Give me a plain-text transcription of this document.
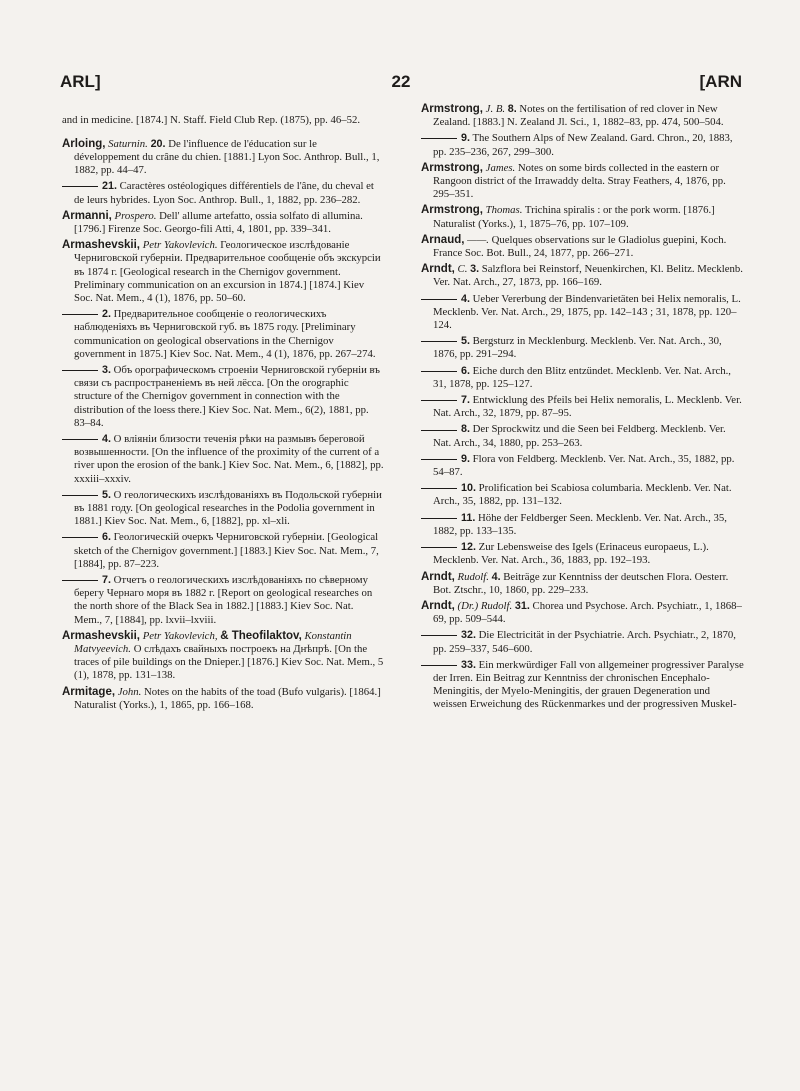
ARL]	22	[ARN

and in medicine. [1874.] N. Staff. Field Club Rep. (1875), pp. 46–52.

Arloing, Saturnin. 20. De l'influence de l'éducation sur le développement du crâne du chien. [1881.] Lyon Soc. Anthrop. Bull., 1, 1882, pp. 44–47.

21. Caractères ostéologiques différentiels de l'âne, du cheval et de leurs hybrides. Lyon Soc. Anthrop. Bull., 1, 1882, pp. 236–282.

Armanni, Prospero. Dell' allume artefatto, ossia solfato di allumina. [1796.] Firenze Soc. Georgo-fili Atti, 4, 1801, pp. 339–341.

Armashevskii, Petr Yakovlevich. Геологическое изслѣдованіе Черниговской губерніи. Предварительное сообщеніе объ экскурсіи въ 1874 г. [Geological research in the Chernigov government. Preliminary communication on an excursion in 1874.] [1874.] Kiev Soc. Nat. Mem., 4 (1), 1876, pp. 50–60.

2. Предварительное сообщеніе о геологическихъ наблюденіяхъ въ Черниговской губ. въ 1875 году. [Preliminary communication on geological observations in the Chernigov government in 1875.] Kiev Soc. Nat. Mem., 4 (1), 1876, pp. 267–274.

3. Объ орографическомъ строеніи Черниговской губерніи въ связи съ распространеніемъ въ ней лёсса. [On the orographic structure of the Chernigov government in connection with the distribution of the loess there.] Kiev Soc. Nat. Mem., 6(2), 1881, pp. 83–84.

4. О вліяніи близости теченія рѣки на размывъ береговой возвышенности. [On the influence of the proximity of the current of a river upon the erosion of the bank.] Kiev Soc. Nat. Mem., 6, [1882], pp. xxxiii–xxxiv.

5. О геологическихъ изслѣдованіяхъ въ Подольской губерніи въ 1881 году. [On geological researches in the Podolia government in 1881.] Kiev Soc. Nat. Mem., 6, [1882], pp. xl–xli.

6. Геологическій очеркъ Черниговской губерніи. [Geological sketch of the Chernigov government.] [1883.] Kiev Soc. Nat. Mem., 7, [1884], pp. 87–223.

7. Отчетъ о геологическихъ изслѣдованіяхъ по сѣверному берегу Чернаго моря въ 1882 г. [Report on geological researches on the north shore of the Black Sea in 1882.] [1883.] Kiev Soc. Nat. Mem., 7, [1884], pp. lxvii–lxviii.

Armashevskii, Petr Yakovlevich, & Theofilaktov, Konstantin Matvyeevich. О слѣдахъ свайныхъ построекъ на Днѣпрѣ. [On the traces of pile buildings on the Dnieper.] [1876.] Kiev Soc. Nat. Mem., 5 (1), 1878, pp. 131–138.

Armitage, John. Notes on the habits of the toad (Bufo vulgaris). [1864.] Naturalist (Yorks.), 1, 1865, pp. 166–168.

Armstrong, J. B. 8. Notes on the fertilisation of red clover in New Zealand. [1883.] N. Zealand Jl. Sci., 1, 1882–83, pp. 474, 500–504.

9. The Southern Alps of New Zealand. Gard. Chron., 20, 1883, pp. 235–236, 267, 299–300.

Armstrong, James. Notes on some birds collected in the eastern or Rangoon district of the Irrawaddy delta. Stray Feathers, 4, 1876, pp. 295–351.

Armstrong, Thomas. Trichina spiralis : or the pork worm. [1876.] Naturalist (Yorks.), 1, 1875–76, pp. 107–109.

Arnaud, ——. Quelques observations sur le Gladiolus guepini, Koch. France Soc. Bot. Bull., 24, 1877, pp. 266–271.

Arndt, C. 3. Salzflora bei Reinstorf, Neuenkirchen, Kl. Belitz. Mecklenb. Ver. Nat. Arch., 27, 1873, pp. 166–169.

4. Ueber Vererbung der Bindenvarietäten bei Helix nemoralis, L. Mecklenb. Ver. Nat. Arch., 29, 1875, pp. 142–143 ; 31, 1878, pp. 120–124.

5. Bergsturz in Mecklenburg. Mecklenb. Ver. Nat. Arch., 30, 1876, pp. 291–294.

6. Eiche durch den Blitz entzündet. Mecklenb. Ver. Nat. Arch., 31, 1878, pp. 125–127.

7. Entwicklung des Pfeils bei Helix nemoralis, L. Mecklenb. Ver. Nat. Arch., 32, 1879, pp. 87–95.

8. Der Sprockwitz und die Seen bei Feldberg. Mecklenb. Ver. Nat. Arch., 34, 1880, pp. 253–263.

9. Flora von Feldberg. Mecklenb. Ver. Nat. Arch., 35, 1882, pp. 54–87.

10. Prolification bei Scabiosa columbaria. Mecklenb. Ver. Nat. Arch., 35, 1882, pp. 131–132.

11. Höhe der Feldberger Seen. Mecklenb. Ver. Nat. Arch., 35, 1882, pp. 133–135.

12. Zur Lebensweise des Igels (Erinaceus europaeus, L.). Mecklenb. Ver. Nat. Arch., 36, 1883, pp. 192–193.

Arndt, Rudolf. 4. Beiträge zur Kenntniss der deutschen Flora. Oesterr. Bot. Ztschr., 10, 1860, pp. 229–233.

Arndt, (Dr.) Rudolf. 31. Chorea und Psychose. Arch. Psychiatr., 1, 1868–69, pp. 509–544.

32. Die Electricität in der Psychiatrie. Arch. Psychiatr., 2, 1870, pp. 259–337, 546–600.

33. Ein merkwürdiger Fall von allgemeiner progressiver Paralyse der Irren. Ein Beitrag zur Kenntniss der chronischen Encephalo-Meningitis, der Myelo-Meningitis, der grauen Degeneration und weissen Erweichung des Rückenmarkes und der progressiven Muskel-
